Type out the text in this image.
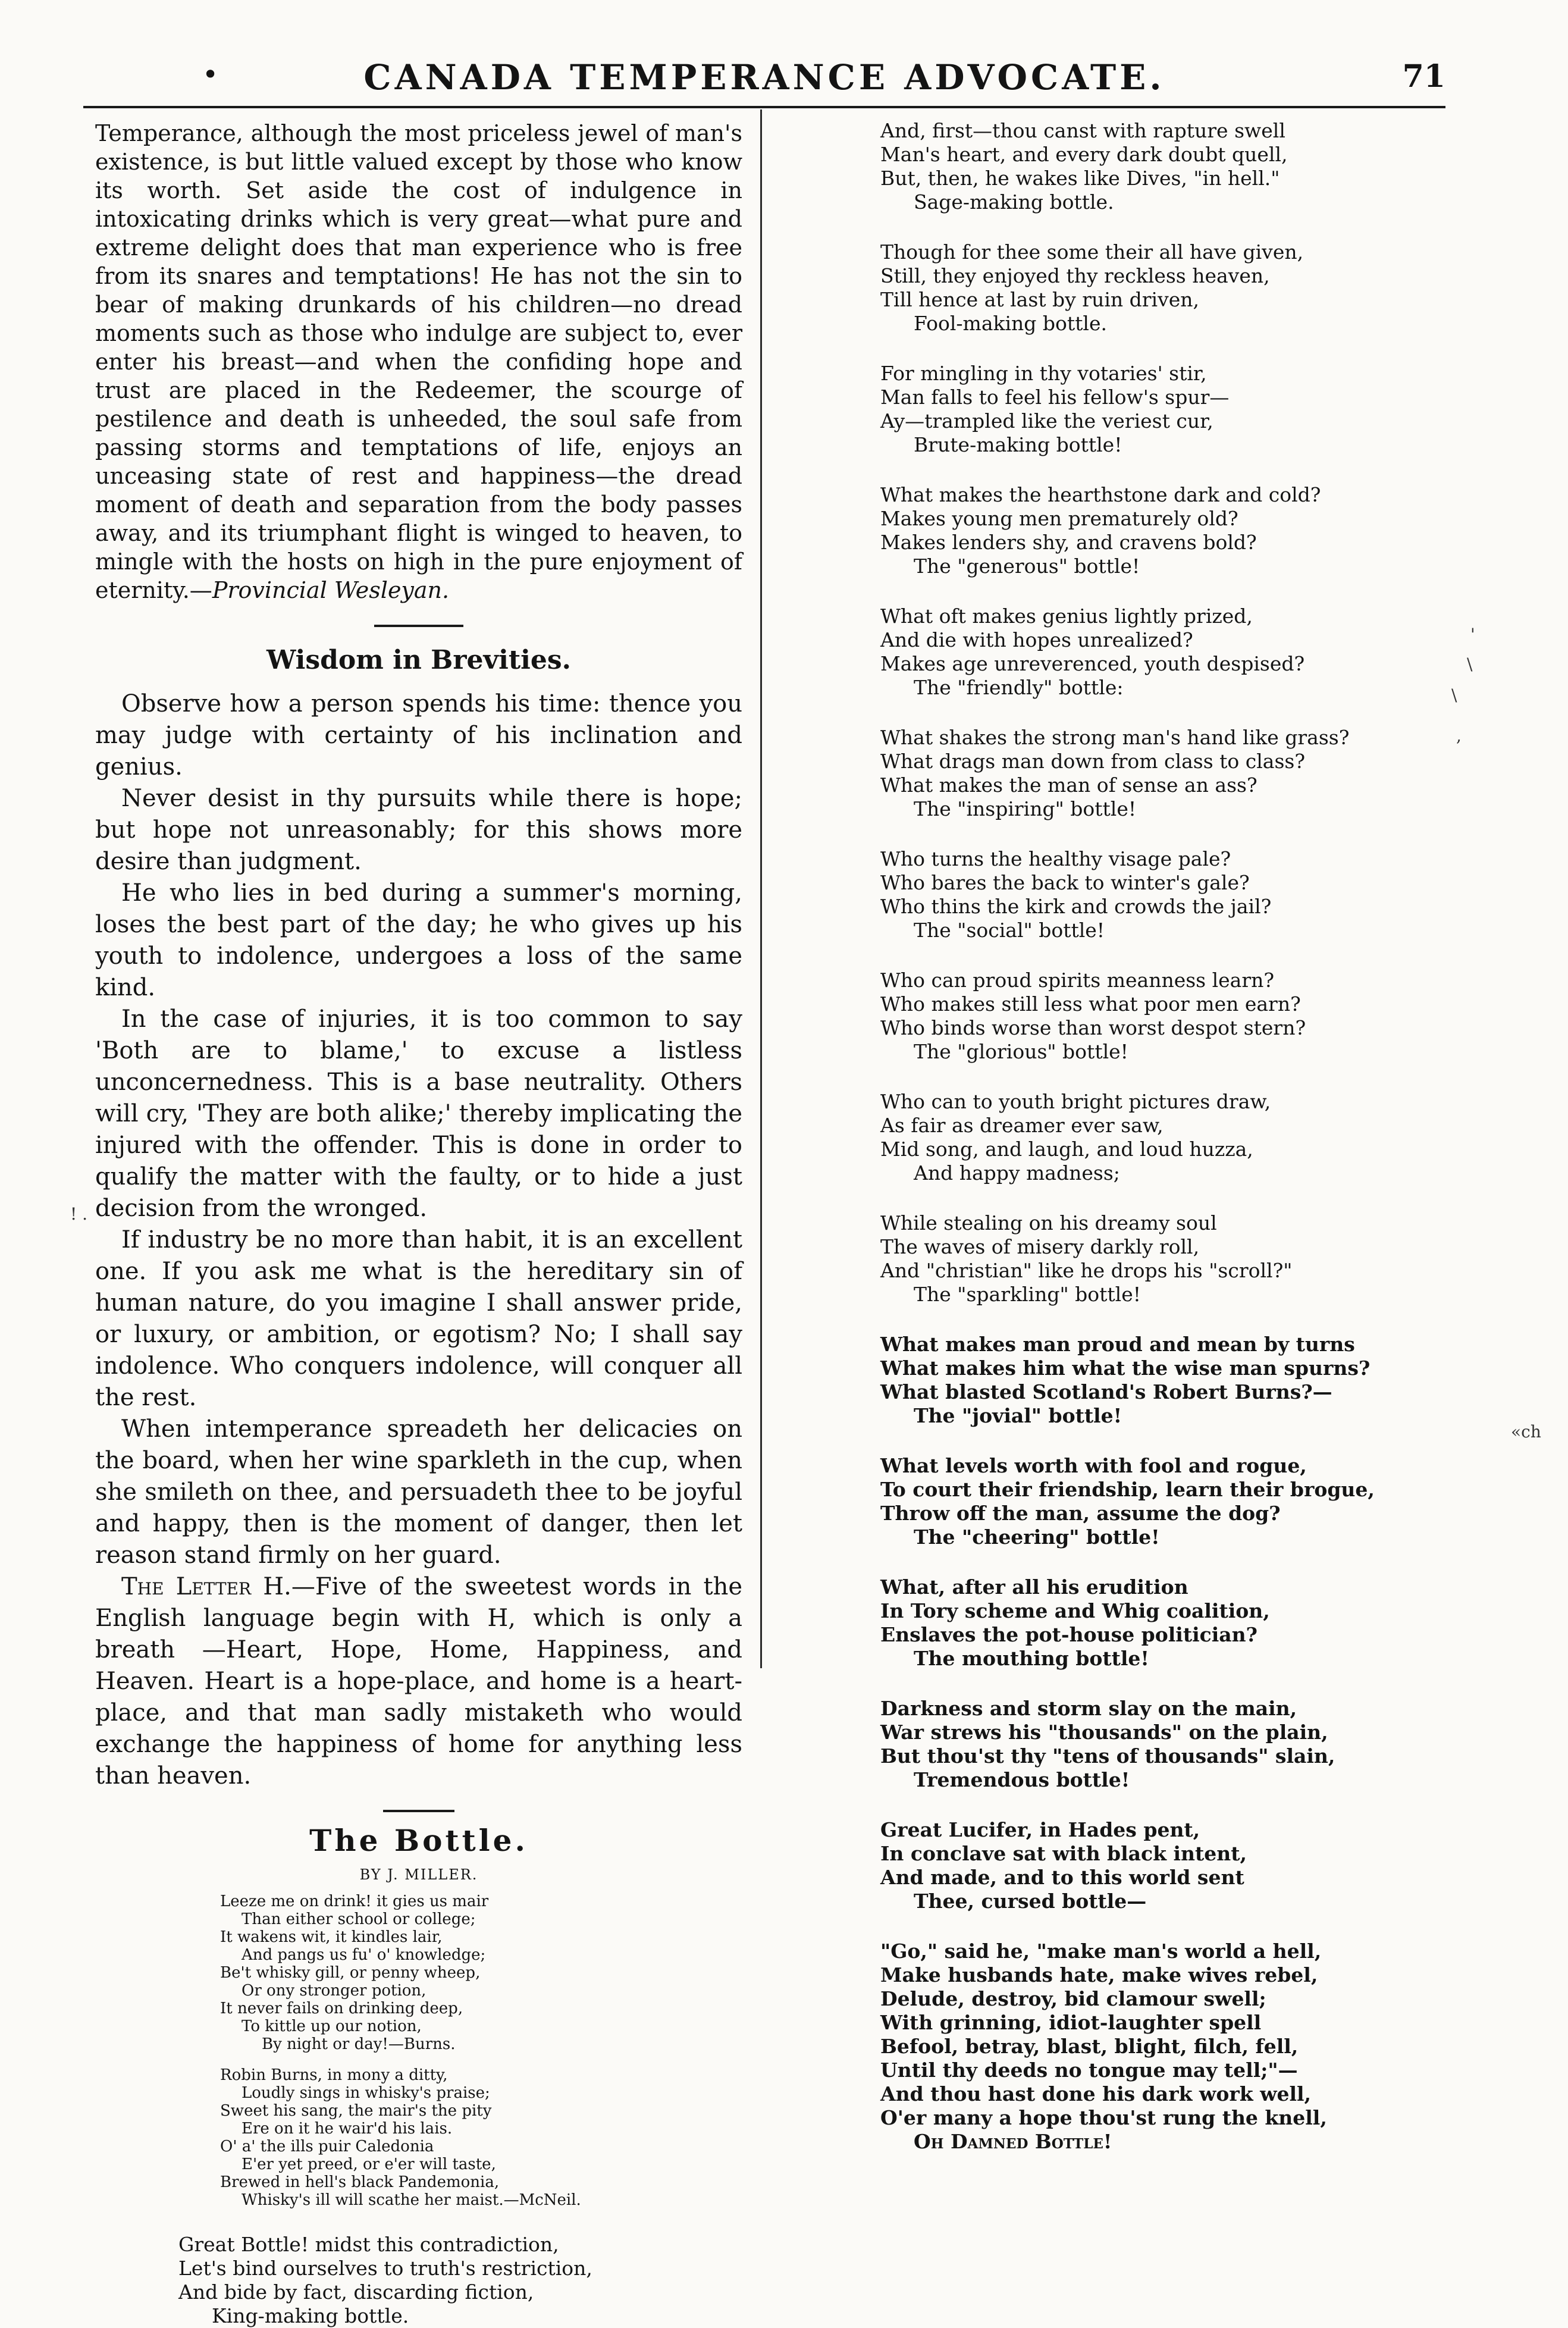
•	CANADA TEMPERANCE ADVOCATE.	71

Temperance, although the most priceless jewel of man's existence, is but little valued except by those who know its worth. Set aside the cost of indulgence in intoxicating drinks which is very great—what pure and extreme delight does that man experience who is free from its snares and temptations! He has not the sin to bear of making drunkards of his children—no dread moments such as those who indulge are subject to, ever enter his breast—and when the confiding hope and trust are placed in the Redeemer, the scourge of pestilence and death is unheeded, the soul safe from passing storms and temptations of life, enjoys an unceasing state of rest and happiness—the dread moment of death and separation from the body passes away, and its triumphant flight is winged to heaven, to mingle with the hosts on high in the pure enjoyment of eternity.—Provincial Wesleyan.

Wisdom in Brevities.

Observe how a person spends his time: thence you may judge with certainty of his inclination and genius.

Never desist in thy pursuits while there is hope; but hope not unreasonably; for this shows more desire than judgment.

He who lies in bed during a summer's morning, loses the best part of the day; he who gives up his youth to indolence, undergoes a loss of the same kind.

In the case of injuries, it is too common to say 'Both are to blame,' to excuse a listless unconcernedness. This is a base neutrality. Others will cry, 'They are both alike;' thereby implicating the injured with the offender. This is done in order to qualify the matter with the faulty, or to hide a just decision from the wronged.

If industry be no more than habit, it is an excellent one. If you ask me what is the hereditary sin of human nature, do you imagine I shall answer pride, or luxury, or ambition, or egotism? No; I shall say indolence. Who conquers indolence, will conquer all the rest.

When intemperance spreadeth her delicacies on the board, when her wine sparkleth in the cup, when she smileth on thee, and persuadeth thee to be joyful and happy, then is the moment of danger, then let reason stand firmly on her guard.

The Letter H.—Five of the sweetest words in the English language begin with H, which is only a breath —Heart, Hope, Home, Happiness, and Heaven. Heart is a hope-place, and home is a heart-place, and that man sadly mistaketh who would exchange the happiness of home for anything less than heaven.

The Bottle.
BY J. MILLER.
Leeze me on drink! it gies us mair
Than either school or college;
It wakens wit, it kindles lair,
And pangs us fu' o' knowledge;
Be't whisky gill, or penny wheep,
Or ony stronger potion,
It never fails on drinking deep,
To kittle up our notion,
By night or day!—Burns.
Robin Burns, in mony a ditty,
Loudly sings in whisky's praise;
Sweet his sang, the mair's the pity
Ere on it he wair'd his lais.
O' a' the ills puir Caledonia
E'er yet preed, or e'er will taste,
Brewed in hell's black Pandemonia,
Whisky's ill will scathe her maist.—McNeil.
Great Bottle! midst this contradiction,
Let's bind ourselves to truth's restriction,
And bide by fact, discarding fiction,
King-making bottle.
And, first—thou canst with rapture swell
Man's heart, and every dark doubt quell,
But, then, he wakes like Dives, "in hell."
Sage-making bottle.
Though for thee some their all have given,
Still, they enjoyed thy reckless heaven,
Till hence at last by ruin driven,
Fool-making bottle.
For mingling in thy votaries' stir,
Man falls to feel his fellow's spur—
Ay—trampled like the veriest cur,
Brute-making bottle!
What makes the hearthstone dark and cold?
Makes young men prematurely old?
Makes lenders shy, and cravens bold?
The "generous" bottle!
What oft makes genius lightly prized,
And die with hopes unrealized?
Makes age unreverenced, youth despised?
The "friendly" bottle:
What shakes the strong man's hand like grass?
What drags man down from class to class?
What makes the man of sense an ass?
The "inspiring" bottle!
Who turns the healthy visage pale?
Who bares the back to winter's gale?
Who thins the kirk and crowds the jail?
The "social" bottle!
Who can proud spirits meanness learn?
Who makes still less what poor men earn?
Who binds worse than worst despot stern?
The "glorious" bottle!
Who can to youth bright pictures draw,
As fair as dreamer ever saw,
Mid song, and laugh, and loud huzza,
And happy madness;
While stealing on his dreamy soul
The waves of misery darkly roll,
And "christian" like he drops his "scroll?"
The "sparkling" bottle!
What makes man proud and mean by turns
What makes him what the wise man spurns?
What blasted Scotland's Robert Burns?—
The "jovial" bottle!
What levels worth with fool and rogue,
To court their friendship, learn their brogue,
Throw off the man, assume the dog?
The "cheering" bottle!
What, after all his erudition
In Tory scheme and Whig coalition,
Enslaves the pot-house politician?
The mouthing bottle!
Darkness and storm slay on the main,
War strews his "thousands" on the plain,
But thou'st thy "tens of thousands" slain,
Tremendous bottle!
Great Lucifer, in Hades pent,
In conclave sat with black intent,
And made, and to this world sent
Thee, cursed bottle—
"Go," said he, "make man's world a hell,
Make husbands hate, make wives rebel,
Delude, destroy, bid clamour swell;
With grinning, idiot-laughter spell
Befool, betray, blast, blight, filch, fell,
Until thy deeds no tongue may tell;"—
And thou hast done his dark work well,
O'er many a hope thou'st rung the knell,
Oh Damned Bottle!
'
\
\
,
«ch
! .
